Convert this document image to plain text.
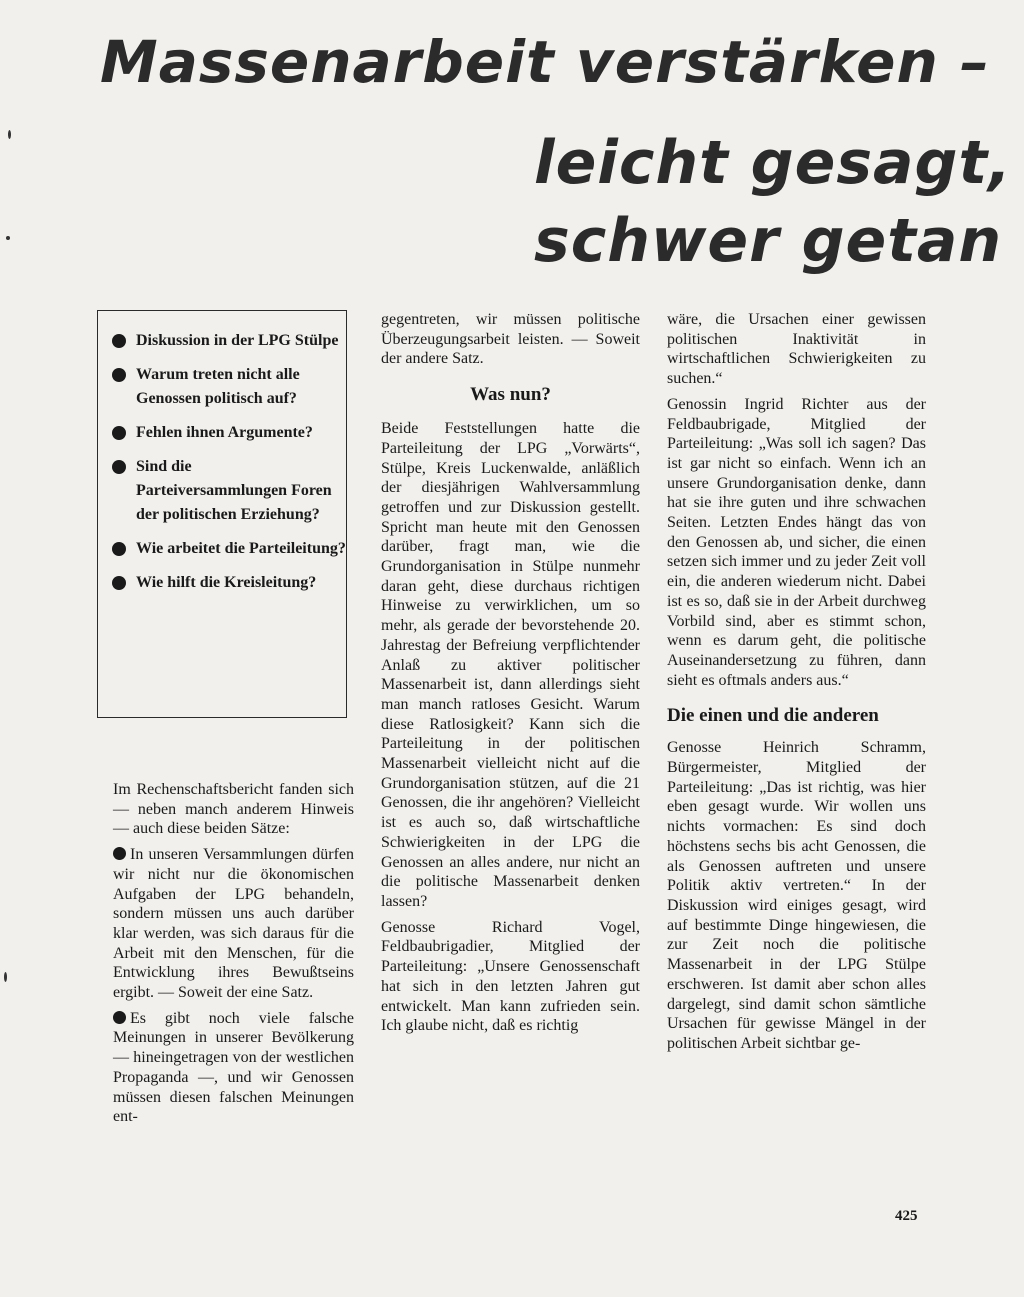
Massenarbeit verstärken –
leicht gesagt,
schwer getan
Diskussion in der LPG Stülpe
Warum treten nicht alle Genossen politisch auf?
Fehlen ihnen Argumente?
Sind die Parteiversammlungen Foren der politischen Erziehung?
Wie arbeitet die Parteileitung?
Wie hilft die Kreisleitung?

Im Rechenschaftsbericht fanden sich — neben manch anderem Hinweis — auch diese beiden Sätze:

In unseren Versammlungen dürfen wir nicht nur die ökonomischen Aufgaben der LPG behandeln, sondern müssen uns auch darüber klar werden, was sich daraus für die Arbeit mit den Menschen, für die Entwicklung ihres Bewußtseins ergibt. — Soweit der eine Satz.

Es gibt noch viele falsche Meinungen in unserer Bevölkerung — hineingetragen von der westlichen Propaganda —, und wir Genossen müssen diesen falschen Meinungen ent-

gegentreten, wir müssen politische Überzeugungsarbeit leisten. — Soweit der andere Satz.

Was nun?

Beide Feststellungen hatte die Parteileitung der LPG „Vorwärts“, Stülpe, Kreis Luckenwalde, anläßlich der diesjährigen Wahlversammlung getroffen und zur Diskussion gestellt. Spricht man heute mit den Genossen darüber, fragt man, wie die Grundorganisation in Stülpe nunmehr daran geht, diese durchaus richtigen Hinweise zu verwirklichen, um so mehr, als gerade der bevorstehende 20. Jahrestag der Befreiung verpflichtender Anlaß zu aktiver politischer Massenarbeit ist, dann allerdings sieht man manch ratloses Gesicht. Warum diese Ratlosigkeit? Kann sich die Parteileitung in der politischen Massenarbeit vielleicht nicht auf die Grundorganisation stützen, auf die 21 Genossen, die ihr angehören? Vielleicht ist es auch so, daß wirtschaftliche Schwierigkeiten in der LPG die Genossen an alles andere, nur nicht an die politische Massenarbeit denken lassen?

Genosse Richard Vogel, Feldbaubrigadier, Mitglied der Parteileitung: „Unsere Genossenschaft hat sich in den letzten Jahren gut entwickelt. Man kann zufrieden sein. Ich glaube nicht, daß es richtig

wäre, die Ursachen einer gewissen politischen Inaktivität in wirtschaftlichen Schwierigkeiten zu suchen.“

Genossin Ingrid Richter aus der Feldbaubrigade, Mitglied der Parteileitung: „Was soll ich sagen? Das ist gar nicht so einfach. Wenn ich an unsere Grundorganisation denke, dann hat sie ihre guten und ihre schwachen Seiten. Letzten Endes hängt das von den Genossen ab, und sicher, die einen setzen sich immer und zu jeder Zeit voll ein, die anderen wiederum nicht. Dabei ist es so, daß sie in der Arbeit durchweg Vorbild sind, aber es stimmt schon, wenn es darum geht, die politische Auseinandersetzung zu führen, dann sieht es oftmals anders aus.“

Die einen und die anderen

Genosse Heinrich Schramm, Bürgermeister, Mitglied der Parteileitung: „Das ist richtig, was hier eben gesagt wurde. Wir wollen uns nichts vormachen: Es sind doch höchstens sechs bis acht Genossen, die als Genossen auftreten und unsere Politik aktiv vertreten.“ In der Diskussion wird einiges gesagt, wird auf bestimmte Dinge hingewiesen, die zur Zeit noch die politische Massenarbeit in der LPG Stülpe erschweren. Ist damit aber schon alles dargelegt, sind damit schon sämtliche Ursachen für gewisse Mängel in der politischen Arbeit sichtbar ge-

425
